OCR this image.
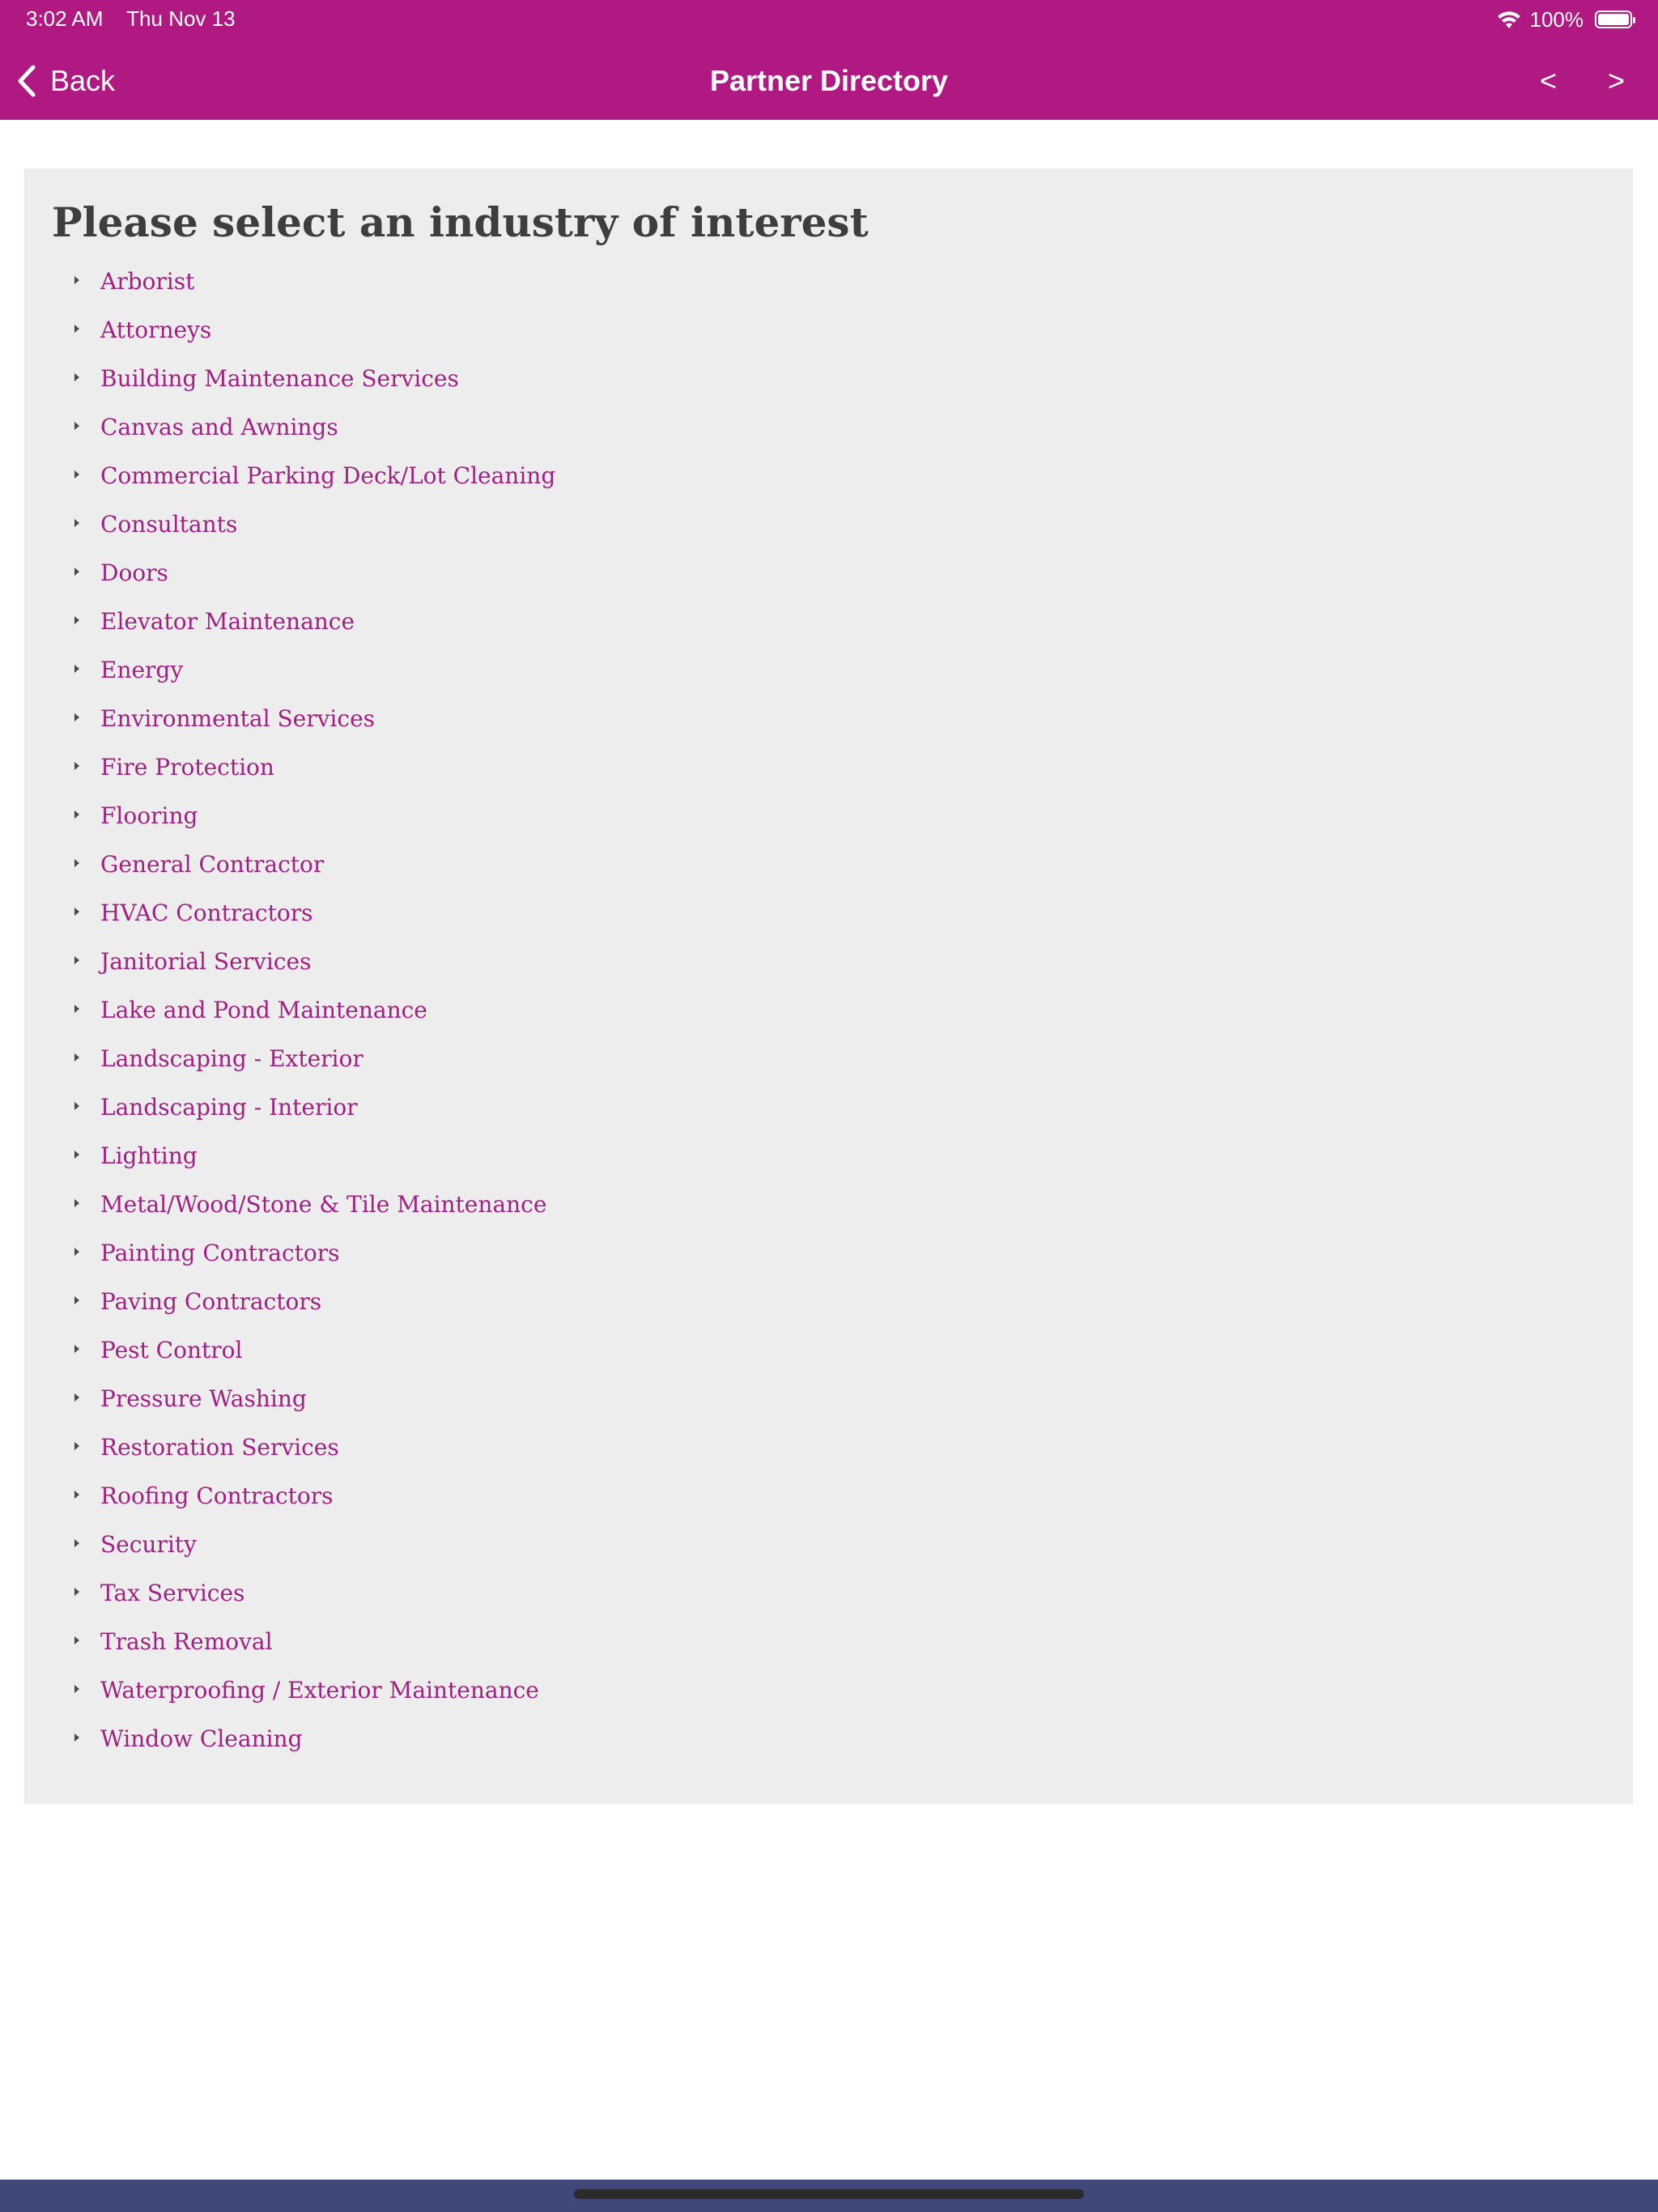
3:02 AM Thu Nov 13	100%
Back	Partner Directory	< >
Please select an industry of interest
Arborist
Attorneys
Building Maintenance Services
Canvas and Awnings
Commercial Parking Deck/Lot Cleaning
Consultants
Doors
Elevator Maintenance
Energy
Environmental Services
Fire Protection
Flooring
General Contractor
HVAC Contractors
Janitorial Services
Lake and Pond Maintenance
Landscaping - Exterior
Landscaping - Interior
Lighting
Metal/Wood/Stone & Tile Maintenance
Painting Contractors
Paving Contractors
Pest Control
Pressure Washing
Restoration Services
Roofing Contractors
Security
Tax Services
Trash Removal
Waterproofing / Exterior Maintenance
Window Cleaning
